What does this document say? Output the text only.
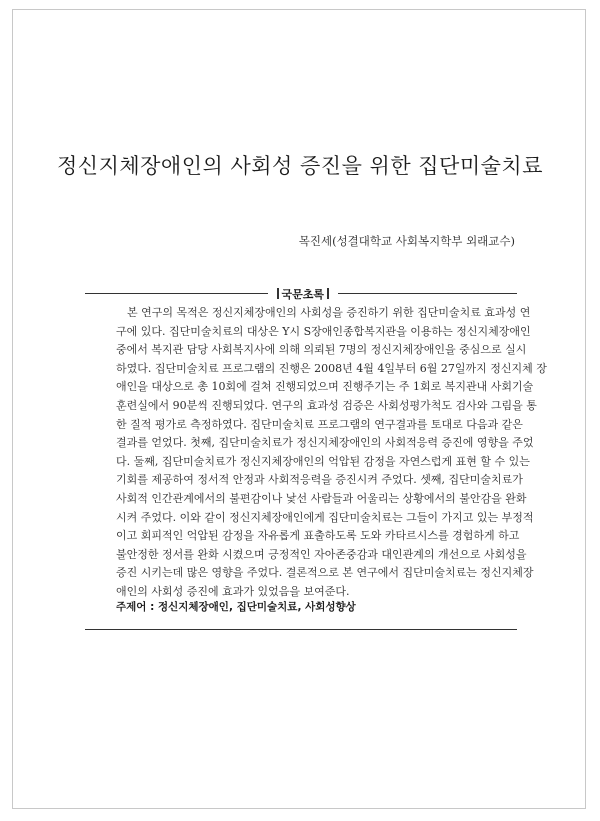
정신지체장애인의 사회성 증진을 위한 집단미술치료
목진세(성결대학교 사회복지학부 외래교수)
국문초록
본 연구의 목적은 정신지체장애인의 사회성을 증진하기 위한 집단미술치료 효과성 연
구에 있다. 집단미술치료의 대상은 Y시 S장애인종합복지관을 이용하는 정신지체장애인
중에서 복지관 담당 사회복지사에 의해 의뢰된 7명의 정신지체장애인을 중심으로 실시
하였다. 집단미술치료 프로그램의 진행은 2008년 4월 4일부터 6월 27일까지 정신지체 장
애인을 대상으로 총 10회에 걸쳐 진행되었으며 진행주기는 주 1회로 복지관내 사회기술
훈련실에서 90분씩 진행되었다. 연구의 효과성 검증은 사회성평가척도 검사와 그림을 통
한 질적 평가로 측정하였다. 집단미술치료 프로그램의 연구결과를 토대로 다음과 같은
결과를 얻었다. 첫째, 집단미술치료가 정신지체장애인의 사회적응력 증진에 영향을 주었
다. 둘째, 집단미술치료가 정신지체장애인의 억압된 감정을 자연스럽게 표현 할 수 있는
기회를 제공하여 정서적 안정과 사회적응력을 증진시켜 주었다. 셋째, 집단미술치료가
사회적 인간관계에서의 불편감이나 낯선 사람들과 어울리는 상황에서의 불안감을 완화
시켜 주었다. 이와 같이 정신지체장애인에게 집단미술치료는 그들이 가지고 있는 부정적
이고 회피적인 억압된 감정을 자유롭게 표출하도록 도와 카타르시스를 경험하게 하고
불안정한 정서를 완화 시켰으며 긍정적인 자아존중감과 대인관계의 개선으로 사회성을
증진 시키는데 많은 영향을 주었다. 결론적으로 본 연구에서 집단미술치료는 정신지체장
애인의 사회성 증진에 효과가 있었음을 보여준다.
주제어 : 정신지체장애인, 집단미술치료, 사회성향상
